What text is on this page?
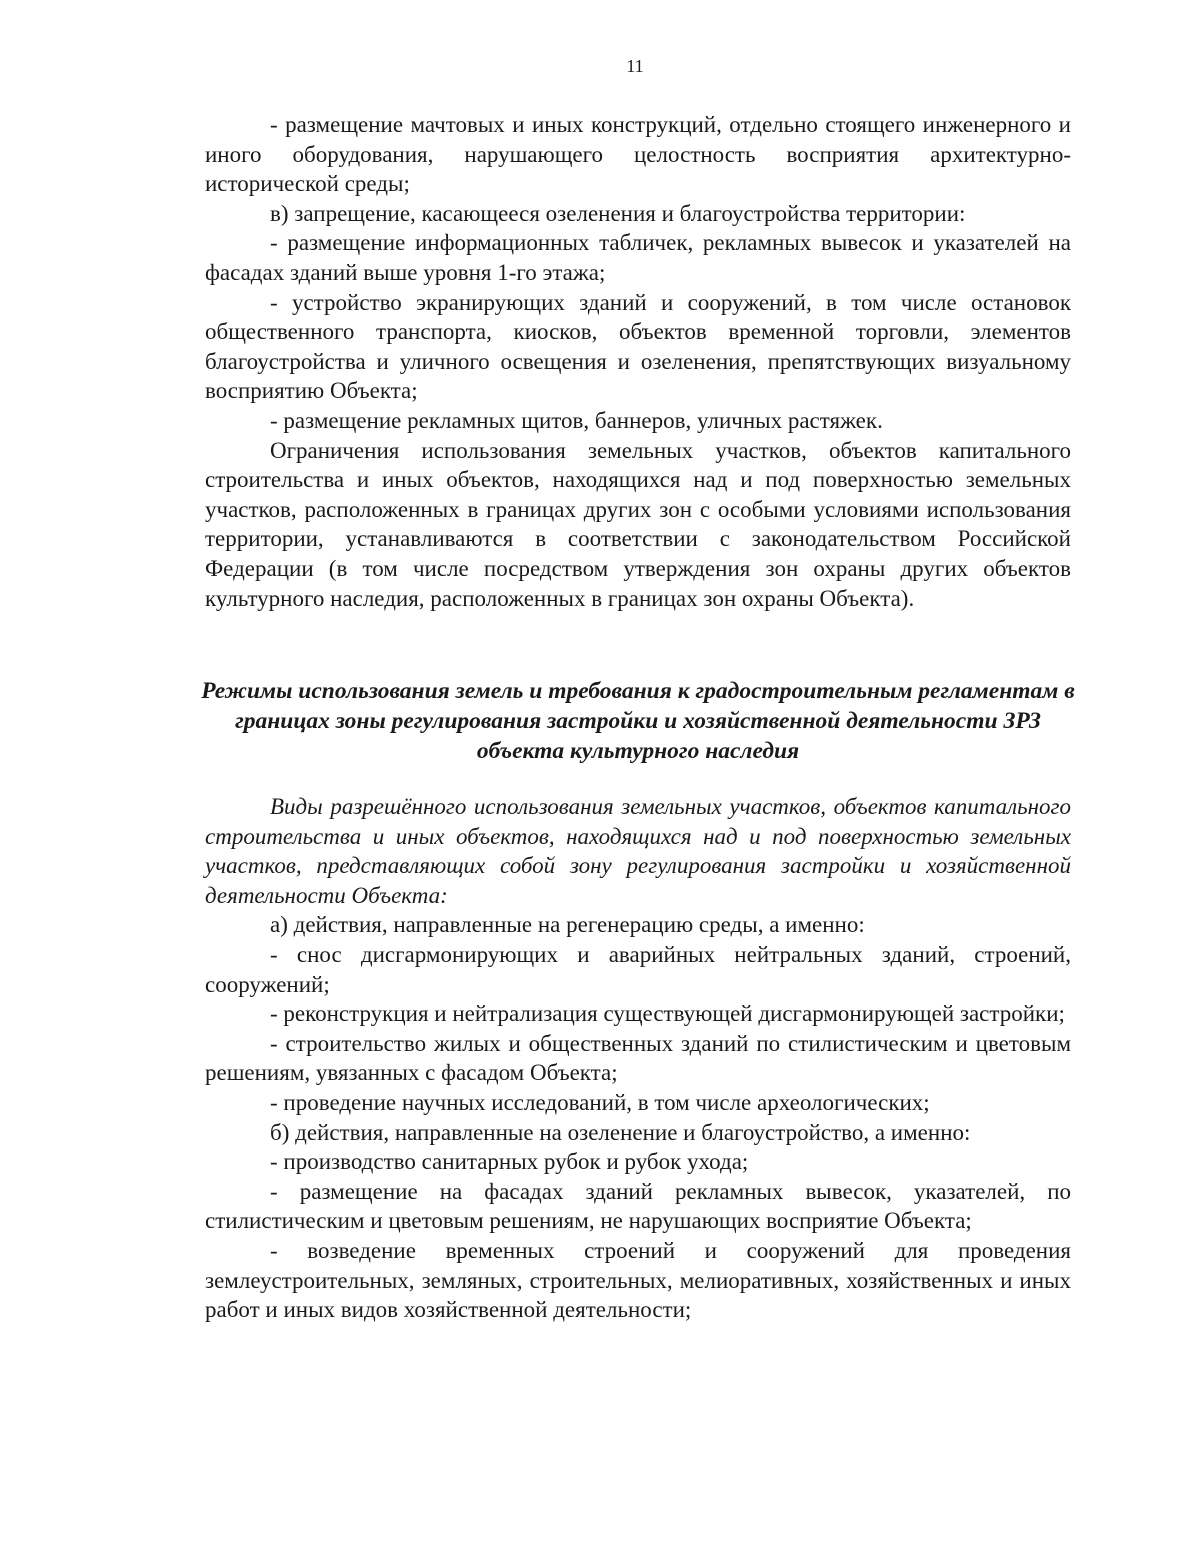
11

- размещение мачтовых и иных конструкций, отдельно стоящего инженерного и иного оборудования, нарушающего целостность восприятия архитектурно-исторической среды;

в) запрещение, касающееся озеленения и благоустройства территории:

- размещение информационных табличек, рекламных вывесок и указателей на фасадах зданий выше уровня 1-го этажа;

- устройство экранирующих зданий и сооружений, в том числе остановок общественного транспорта, киосков, объектов временной торговли, элементов благоустройства и уличного освещения и озеленения, препятствующих визуальному восприятию Объекта;

- размещение рекламных щитов, баннеров, уличных растяжек.

Ограничения использования земельных участков, объектов капитального строительства и иных объектов, находящихся над и под поверхностью земельных участков, расположенных в границах других зон с особыми условиями использования территории, устанавливаются в соответствии с законодательством Российской Федерации (в том числе посредством утверждения зон охраны других объектов культурного наследия, расположенных в границах зон охраны Объекта).

Режимы использования земель и требования к градостроительным регламентам в границах зоны регулирования застройки и хозяйственной деятельности ЗРЗ объекта культурного наследия

Виды разрешённого использования земельных участков, объектов капитального строительства и иных объектов, находящихся над и под поверхностью земельных участков, представляющих собой зону регулирования застройки и хозяйственной деятельности Объекта:

а) действия, направленные на регенерацию среды, а именно:

- снос дисгармонирующих и аварийных нейтральных зданий, строений, сооружений;

- реконструкция и нейтрализация существующей дисгармонирующей застройки;

- строительство жилых и общественных зданий по стилистическим и цветовым решениям, увязанных с фасадом Объекта;

- проведение научных исследований, в том числе археологических;

б) действия, направленные на озеленение и благоустройство, а именно:

- производство санитарных рубок и рубок ухода;

- размещение на фасадах зданий рекламных вывесок, указателей, по стилистическим и цветовым решениям, не нарушающих восприятие Объекта;

- возведение временных строений и сооружений для проведения землеустроительных, земляных, строительных, мелиоративных, хозяйственных и иных работ и иных видов хозяйственной деятельности;
